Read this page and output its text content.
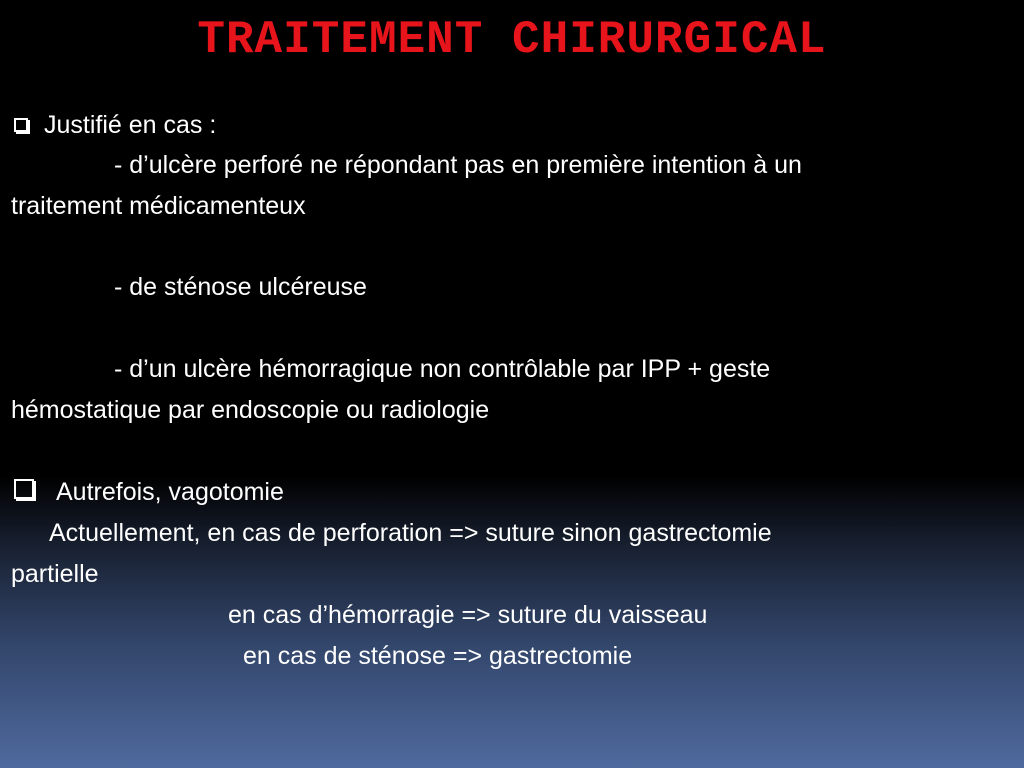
TRAITEMENT CHIRURGICAL
Justifié en cas :
- d’ulcère perforé ne répondant pas en première intention à un
traitement médicamenteux
- de sténose ulcéreuse
- d’un ulcère hémorragique non contrôlable par IPP + geste
hémostatique par endoscopie ou radiologie
Autrefois, vagotomie
Actuellement, en cas de perforation => suture sinon gastrectomie
partielle
en cas d’hémorragie => suture du vaisseau
en cas de sténose => gastrectomie
